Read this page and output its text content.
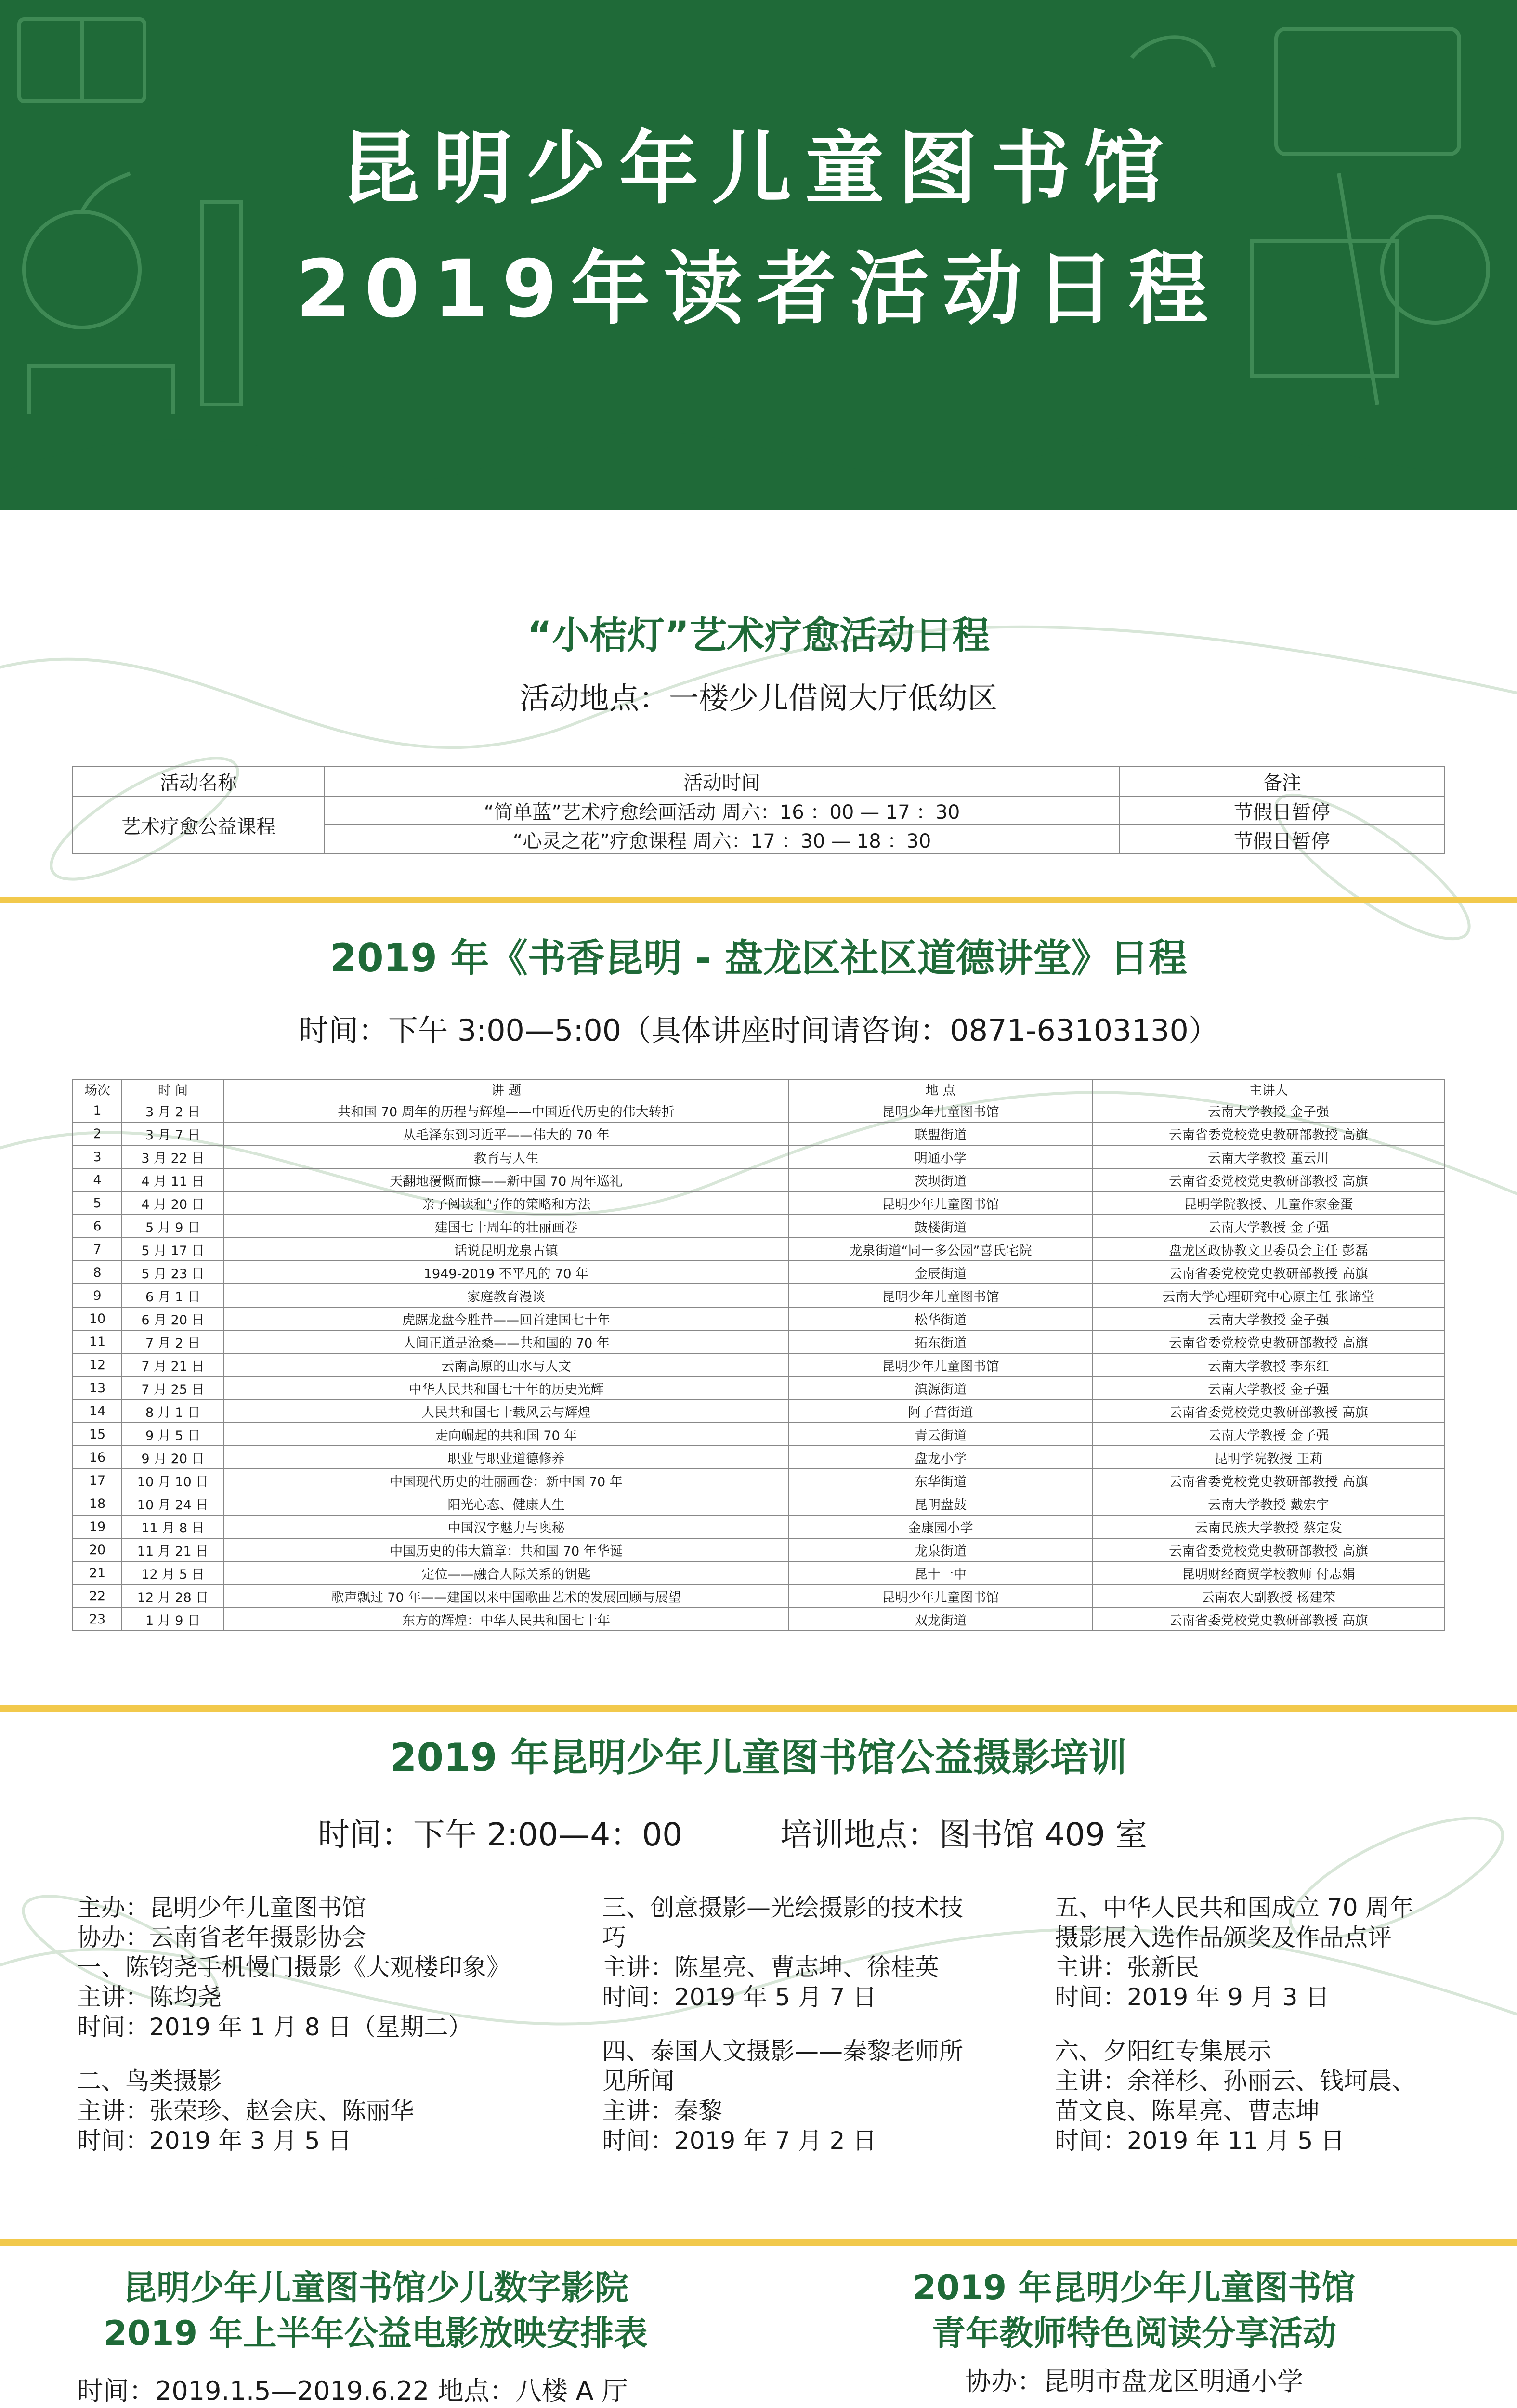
昆明少年儿童图书馆
2019年读者活动日程
“小桔灯”艺术疗愈活动日程
活动地点：一楼少儿借阅大厅低幼区
活动名称	活动时间	备注
艺术疗愈公益课程	“简单蓝”艺术疗愈绘画活动 周六：16 ：00 — 17 ：30	节假日暂停
	“心灵之花”疗愈课程 周六：17 ：30 — 18 ：30	节假日暂停
2019 年《书香昆明 - 盘龙区社区道德讲堂》日程
时间：下午 3:00—5:00（具体讲座时间请咨询：0871-63103130）
场次	时 间	讲 题	地 点	主讲人
1	3 月 2 日	共和国 70 周年的历程与辉煌——中国近代历史的伟大转折	昆明少年儿童图书馆	云南大学教授 金子强
2	3 月 7 日	从毛泽东到习近平——伟大的 70 年	联盟街道	云南省委党校党史教研部教授 高旗
3	3 月 22 日	教育与人生	明通小学	云南大学教授 董云川
4	4 月 11 日	天翻地覆慨而慷——新中国 70 周年巡礼	茨坝街道	云南省委党校党史教研部教授 高旗
5	4 月 20 日	亲子阅读和写作的策略和方法	昆明少年儿童图书馆	昆明学院教授、儿童作家金蛋
6	5 月 9 日	建国七十周年的壮丽画卷	鼓楼街道	云南大学教授 金子强
7	5 月 17 日	话说昆明龙泉古镇	龙泉街道“同一多公园”喜氏宅院	盘龙区政协教文卫委员会主任 彭磊
8	5 月 23 日	1949-2019 不平凡的 70 年	金辰街道	云南省委党校党史教研部教授 高旗
9	6 月 1 日	家庭教育漫谈	昆明少年儿童图书馆	云南大学心理研究中心原主任 张谛堂
10	6 月 20 日	虎踞龙盘今胜昔——回首建国七十年	松华街道	云南大学教授 金子强
11	7 月 2 日	人间正道是沧桑——共和国的 70 年	拓东街道	云南省委党校党史教研部教授 高旗
12	7 月 21 日	云南高原的山水与人文	昆明少年儿童图书馆	云南大学教授 李东红
13	7 月 25 日	中华人民共和国七十年的历史光辉	滇源街道	云南大学教授 金子强
14	8 月 1 日	人民共和国七十载风云与辉煌	阿子营街道	云南省委党校党史教研部教授 高旗
15	9 月 5 日	走向崛起的共和国 70 年	青云街道	云南大学教授 金子强
16	9 月 20 日	职业与职业道德修养	盘龙小学	昆明学院教授 王莉
17	10 月 10 日	中国现代历史的壮丽画卷：新中国 70 年	东华街道	云南省委党校党史教研部教授 高旗
18	10 月 24 日	阳光心态、健康人生	昆明盘鼓	云南大学教授 戴宏宇
19	11 月 8 日	中国汉字魅力与奥秘	金康园小学	云南民族大学教授 蔡定发
20	11 月 21 日	中国历史的伟大篇章：共和国 70 年华诞	龙泉街道	云南省委党校党史教研部教授 高旗
21	12 月 5 日	定位——融合人际关系的钥匙	昆十一中	昆明财经商贸学校教师 付志娟
22	12 月 28 日	歌声飘过 70 年——建国以来中国歌曲艺术的发展回顾与展望	昆明少年儿童图书馆	云南农大副教授 杨建荣
23	1 月 9 日	东方的辉煌：中华人民共和国七十年	双龙街道	云南省委党校党史教研部教授 高旗
2019 年昆明少年儿童图书馆公益摄影培训
时间：下午 2:00—4：00	培训地点：图书馆 409 室
主办：昆明少年儿童图书馆
协办：云南省老年摄影协会
一、陈钧尧手机慢门摄影《大观楼印象》
主讲：陈均尧
时间：2019 年 1 月 8 日（星期二）
二、鸟类摄影
主讲：张荣珍、赵会庆、陈丽华
时间：2019 年 3 月 5 日
三、创意摄影—光绘摄影的技术技
巧
主讲：陈星亮、曹志坤、徐桂英
时间：2019 年 5 月 7 日
四、泰国人文摄影——秦黎老师所
见所闻
主讲：秦黎
时间：2019 年 7 月 2 日
五、中华人民共和国成立 70 周年
摄影展入选作品颁奖及作品点评
主讲：张新民
时间：2019 年 9 月 3 日
六、夕阳红专集展示
主讲：余祥杉、孙丽云、钱坷晨、
苗文良、陈星亮、曹志坤
时间：2019 年 11 月 5 日
昆明少年儿童图书馆少儿数字影院
2019 年上半年公益电影放映安排表
时间：2019.1.5—2019.6.22 地点：八楼 A 厅

2019 年昆明少年儿童图书馆
青年教师特色阅读分享活动
协办：昆明市盘龙区明通小学
